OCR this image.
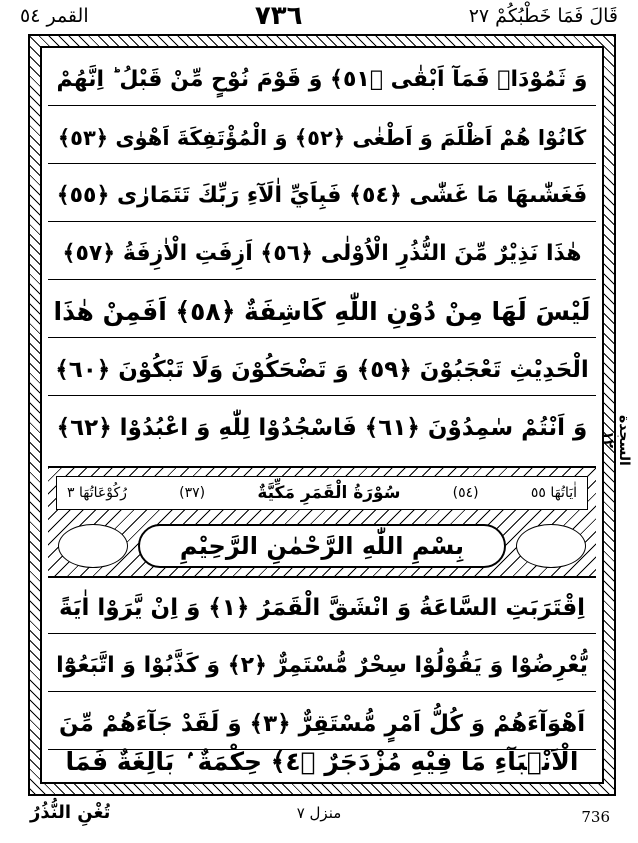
قَالَ فَمَا خَطْبُكُمْ ٢٧
٧٣٦
القمر ٥٤
وَ ثَمُوْدَا۟ فَمَآ اَبْقٰى ﴿٥١﴾ وَ قَوْمَ نُوْحٍ مِّنْ قَبْلُ ؕ اِنَّهُمْ
كَانُوْا هُمْ اَظْلَمَ وَ اَطْغٰى ﴿٥٢﴾ وَ الْمُؤْتَفِكَةَ اَهْوٰى ﴿٥٣﴾
فَغَشّٰىهَا مَا غَشّٰى ﴿٥٤﴾ فَبِاَيِّ اٰلَآءِ رَبِّكَ تَتَمَارٰى ﴿٥٥﴾
هٰذَا نَذِيْرٌ مِّنَ النُّذُرِ الْاُوْلٰى ﴿٥٦﴾ اَزِفَتِ الْاٰزِفَةُ ﴿٥٧﴾
لَيْسَ لَهَا مِنْ دُوْنِ اللّٰهِ كَاشِفَةٌ ﴿٥٨﴾ اَفَمِنْ هٰذَا
الْحَدِيْثِ تَعْجَبُوْنَ ﴿٥٩﴾ وَ تَضْحَكُوْنَ وَلَا تَبْكُوْنَ ﴿٦٠﴾
وَ اَنْتُمْ سٰمِدُوْنَ ﴿٦١﴾ فَاسْجُدُوْا لِلّٰهِ وَ اعْبُدُوْا ﴿٦٢﴾
اٰيَاتُهَا ٥٥
(٥٤)
سُوْرَةُ الْقَمَرِ مَكِّيَّةٌ
(٣٧)
رُكُوْعَاتُهَا ٣
بِسْمِ اللّٰهِ الرَّحْمٰنِ الرَّحِيْمِ
اِقْتَرَبَتِ السَّاعَةُ وَ انْشَقَّ الْقَمَرُ ﴿١﴾ وَ اِنْ يَّرَوْا اٰيَةً
يُّعْرِضُوْا وَ يَقُوْلُوْا سِحْرٌ مُّسْتَمِرٌّ ﴿٢﴾ وَ كَذَّبُوْا وَ اتَّبَعُوْٓا
اَهْوَآءَهُمْ وَ كُلُّ اَمْرٍ مُّسْتَقِرٌّ ﴿٣﴾ وَ لَقَدْ جَآءَهُمْ مِّنَ
الْاَنْۢبَآءِ مَا فِيْهِ مُزْدَجَرٌ ﴿٤﴾ حِكْمَةٌ ۢ بَالِغَةٌ فَمَا
السجدة ١٢
تُغْنِ النُّذُرُ	منزل ٧	736
